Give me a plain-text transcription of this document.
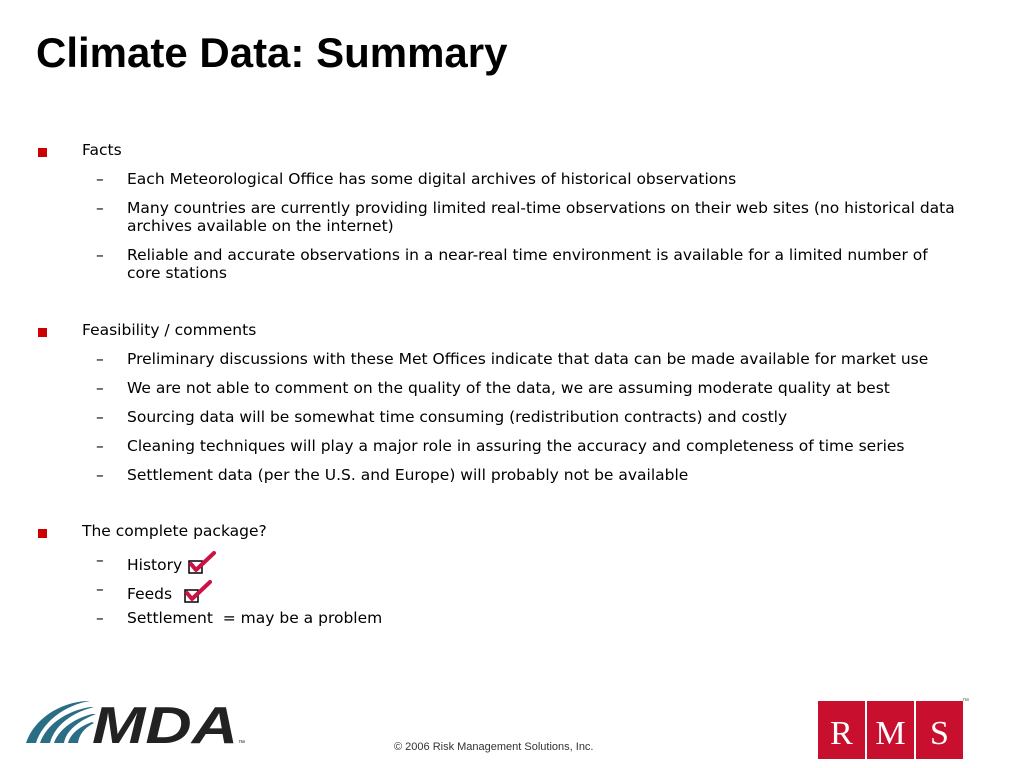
Climate Data: Summary
Facts
– Each Meteorological Office has some digital archives of historical observations
– Many countries are currently providing limited real-time observations on their web sites (no historical data archives available on the internet)
– Reliable and accurate observations in a near-real time environment is available for a limited number of core stations
Feasibility / comments
– Preliminary discussions with these Met Offices indicate that data can be made available for market use
– We are not able to comment on the quality of the data, we are assuming moderate quality at best
– Sourcing data will be somewhat time consuming (redistribution contracts) and costly
– Cleaning techniques will play a major role in assuring the accuracy and completeness of time series
– Settlement data (per the U.S. and Europe) will probably not be available
The complete package?
– History
– Feeds
– Settlement  = may be a problem
MDA ™	R M S
™
© 2006 Risk Management Solutions, Inc.
